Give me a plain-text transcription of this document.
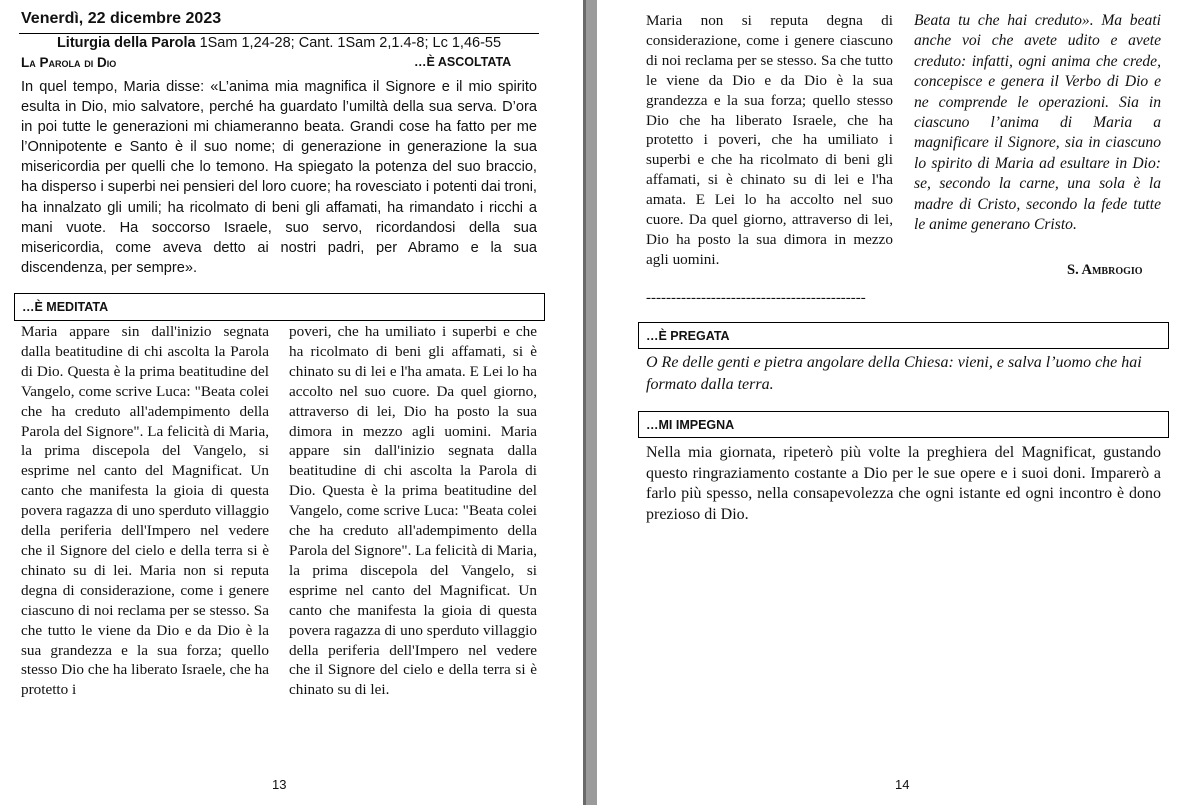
Venerdì, 22 dicembre 2023
Liturgia della Parola 1Sam 1,24-28; Cant. 1Sam 2,1.4-8; Lc 1,46-55
La Parola di Dio	…È ASCOLTATA
In quel tempo, Maria disse: «L’anima mia magnifica il Signore e il mio spirito esulta in Dio, mio salvatore, perché ha guardato l’umiltà della sua serva. D’ora in poi tutte le generazioni mi chiameranno beata. Grandi cose ha fatto per me l’Onnipotente e Santo è il suo nome; di generazione in generazione la sua misericordia per quelli che lo temono. Ha spiegato la potenza del suo braccio, ha disperso i superbi nei pensieri del loro cuore; ha rovesciato i potenti dai troni, ha innalzato gli umili; ha ricolmato di beni gli affamati, ha rimandato i ricchi a mani vuote. Ha soccorso Israele, suo servo, ricordandosi della sua misericordia, come aveva detto ai nostri padri, per Abramo e la sua discendenza, per sempre».
…È MEDITATA
Maria appare sin dall'inizio segnata dalla beatitudine di chi ascolta la Parola di Dio. Questa è la prima beatitudine del Vangelo, come scrive Luca: "Beata colei che ha creduto all'adempimento della Parola del Signore". La felicità di Maria, la prima discepola del Vangelo, si esprime nel canto del Magnificat. Un canto che manifesta la gioia di questa povera ragazza di uno sperduto villaggio della periferia dell'Impero nel vedere che il Signore del cielo e della terra si è chinato su di lei. Maria non si reputa degna di considerazione, come i genere ciascuno di noi reclama per se stesso. Sa che tutto le viene da Dio e da Dio è la sua grandezza e la sua forza; quello stesso Dio che ha liberato Israele, che ha protetto i
poveri, che ha umiliato i superbi e che ha ricolmato di beni gli affamati, si è chinato su di lei e l'ha amata. E Lei lo ha accolto nel suo cuore. Da quel giorno, attraverso di lei, Dio ha posto la sua dimora in mezzo agli uomini. Maria appare sin dall'inizio segnata dalla beatitudine di chi ascolta la Parola di Dio. Questa è la prima beatitudine del Vangelo, come scrive Luca: "Beata colei che ha creduto all'adempimento della Parola del Signore". La felicità di Maria, la prima discepola del Vangelo, si esprime nel canto del Magnificat. Un canto che manifesta la gioia di questa povera ragazza di uno sperduto villaggio della periferia dell'Impero nel vedere che il Signore del cielo e della terra si è chinato su di lei.
13
Maria non si reputa degna di considerazione, come i genere ciascuno di noi reclama per se stesso. Sa che tutto le viene da Dio e da Dio è la sua grandezza e la sua forza; quello stesso Dio che ha liberato Israele, che ha protetto i poveri, che ha umiliato i superbi e che ha ricolmato di beni gli affamati, si è chinato su di lei e l'ha amata. E Lei lo ha accolto nel suo cuore. Da quel giorno, attraverso di lei, Dio ha posto la sua dimora in mezzo agli uomini.
--------------------------------------------
Beata tu che hai creduto». Ma beati anche voi che avete udito e avete creduto: infatti, ogni anima che crede, concepisce e genera il Verbo di Dio e ne comprende le operazioni. Sia in ciascuno l’anima di Maria a magnificare il Signore, sia in ciascuno lo spirito di Maria ad esultare in Dio: se, secondo la carne, una sola è la madre di Cristo, secondo la fede tutte le anime generano Cristo.
S. Ambrogio
…È PREGATA
O Re delle genti e pietra angolare della Chiesa: vieni, e salva l’uomo che hai formato dalla terra.
…MI IMPEGNA
Nella mia giornata, ripeterò più volte la preghiera del Magnificat, gustando questo ringraziamento costante a Dio per le sue opere e i suoi doni. Imparerò a farlo più spesso, nella consapevolezza che ogni istante ed ogni incontro è dono prezioso di Dio.
14
